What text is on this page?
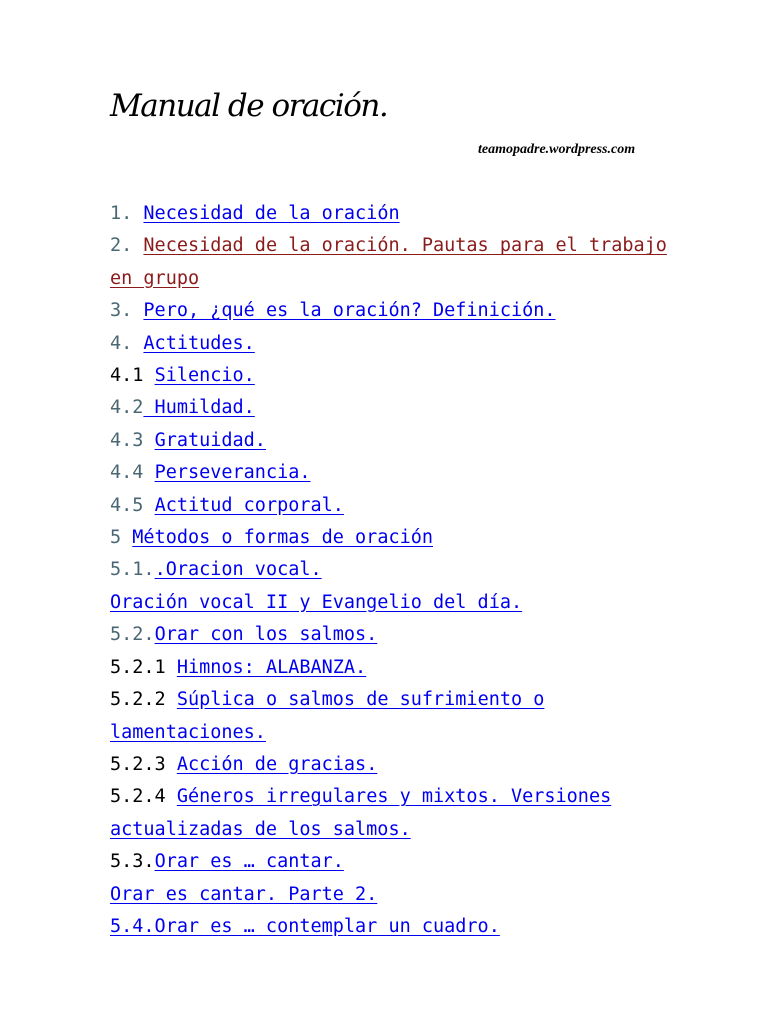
Manual de oración.
teamopadre.wordpress.com
1. Necesidad de la oración
2. Necesidad de la oración. Pautas para el trabajo en grupo
3. Pero, ¿qué es la oración? Definición.
4. Actitudes.
4.1 Silencio.
4.2 Humildad.
4.3 Gratuidad.
4.4 Perseverancia.
4.5 Actitud corporal.
5 Métodos o formas de oración
5.1..Oracion vocal.
Oración vocal II y Evangelio del día.
5.2.Orar con los salmos.
5.2.1 Himnos: ALABANZA.
5.2.2 Súplica o salmos de sufrimiento o lamentaciones.
5.2.3 Acción de gracias.
5.2.4 Géneros irregulares y mixtos. Versiones actualizadas de los salmos.
5.3.Orar es … cantar.
Orar es cantar. Parte 2.
5.4.Orar es … contemplar un cuadro.
